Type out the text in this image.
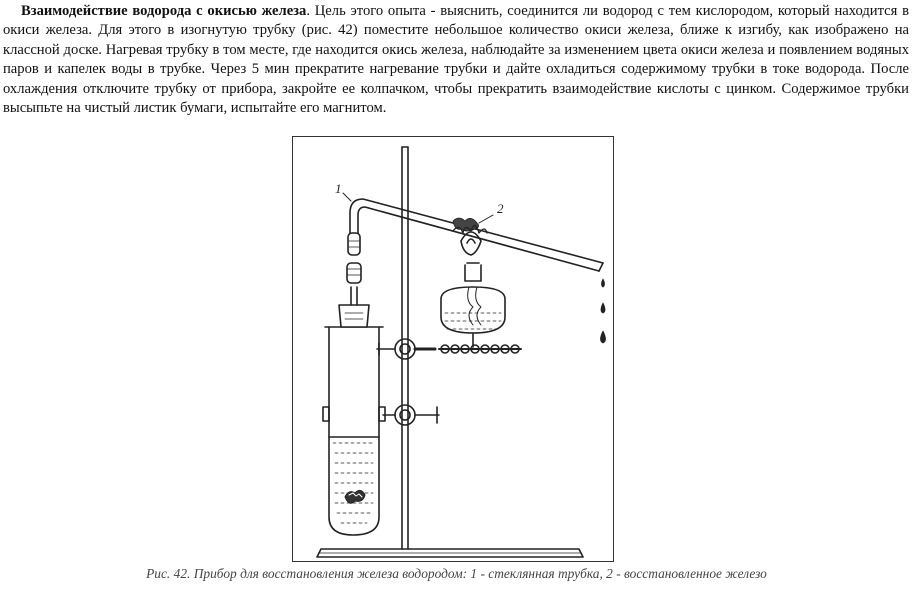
Взаимодействие водорода с окисью железа. Цель этого опыта - выяснить, соединится ли водород с тем кислородом, который находится в окиси железа. Для этого в изогнутую трубку (рис. 42) поместите небольшое количество окиси железа, ближе к изгибу, как изображено на классной доске. Нагревая трубку в том месте, где находится окись железа, наблюдайте за изменением цвета окиси железа и появлением водяных паров и капелек воды в трубке. Через 5 мин прекратите нагревание трубки и дайте охладиться содержимому трубки в токе водорода. После охлаждения отключите трубку от прибора, закройте ее колпачком, чтобы прекратить взаимодействие кислоты с цинком. Содержимое трубки высыпьте на чистый листик бумаги, испытайте его магнитом.

1
2
Рис. 42. Прибор для восстановления железа водородом: 1 - стеклянная трубка, 2 - восстановленное железо
